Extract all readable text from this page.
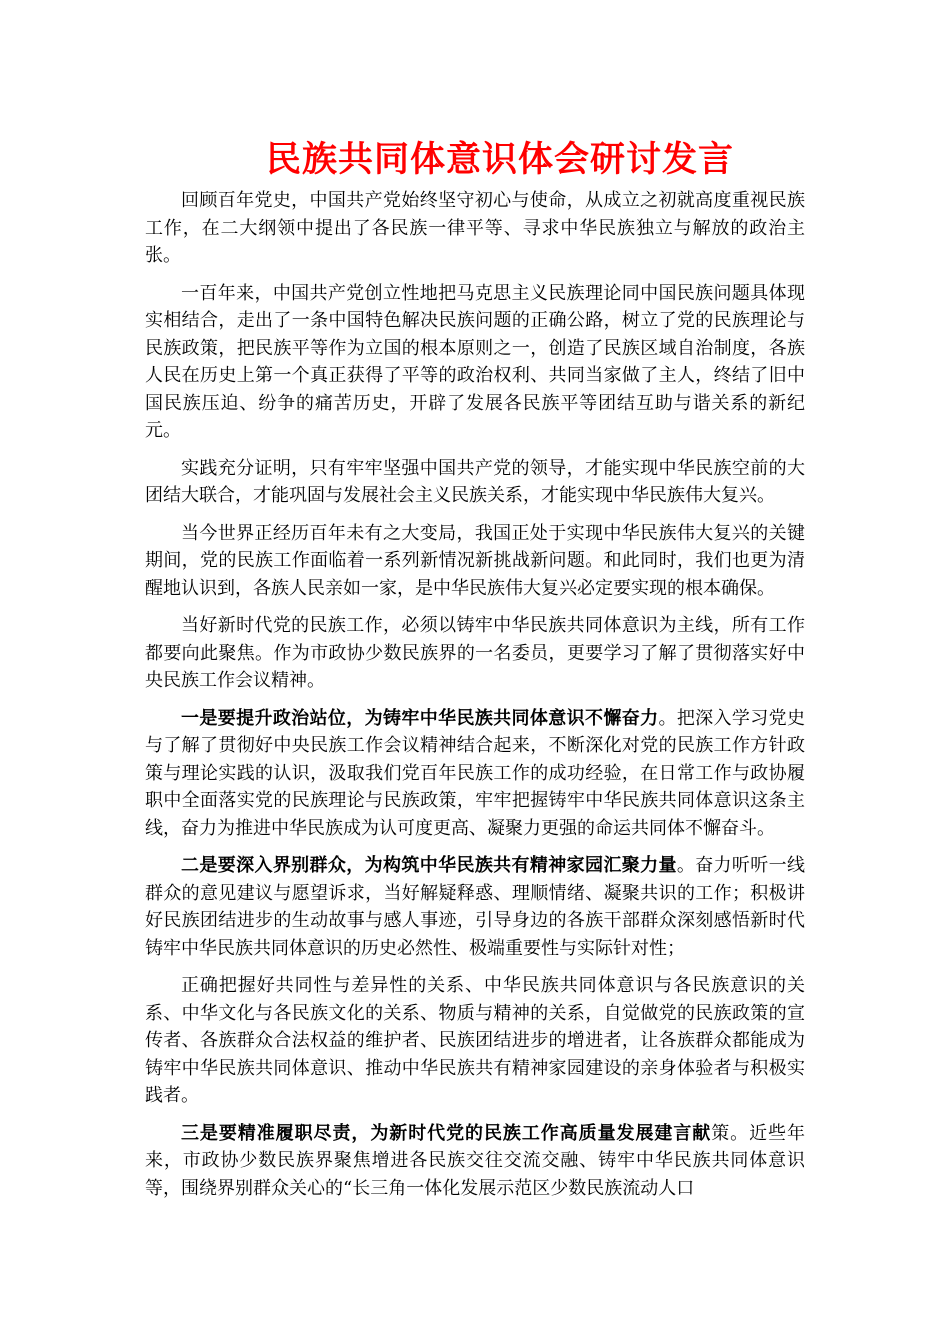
民族共同体意识体会研讨发言

回顾百年党史，中国共产党始终坚守初心与使命，从成立之初就高度重视民族工作，在二大纲领中提出了各民族一律平等、寻求中华民族独立与解放的政治主张。

一百年来，中国共产党创立性地把马克思主义民族理论同中国民族问题具体现实相结合，走出了一条中国特色解决民族问题的正确公路，树立了党的民族理论与民族政策，把民族平等作为立国的根本原则之一，创造了民族区域自治制度，各族人民在历史上第一个真正获得了平等的政治权利、共同当家做了主人，终结了旧中国民族压迫、纷争的痛苦历史，开辟了发展各民族平等团结互助与谐关系的新纪元。

实践充分证明，只有牢牢坚强中国共产党的领导，才能实现中华民族空前的大团结大联合，才能巩固与发展社会主义民族关系，才能实现中华民族伟大复兴。

当今世界正经历百年未有之大变局，我国正处于实现中华民族伟大复兴的关键期间，党的民族工作面临着一系列新情况新挑战新问题。和此同时，我们也更为清醒地认识到，各族人民亲如一家，是中华民族伟大复兴必定要实现的根本确保。

当好新时代党的民族工作，必须以铸牢中华民族共同体意识为主线，所有工作都要向此聚焦。作为市政协少数民族界的一名委员，更要学习了解了贯彻落实好中央民族工作会议精神。

一是要提升政治站位，为铸牢中华民族共同体意识不懈奋力。把深入学习党史与了解了贯彻好中央民族工作会议精神结合起来，不断深化对党的民族工作方针政策与理论实践的认识，汲取我们党百年民族工作的成功经验，在日常工作与政协履职中全面落实党的民族理论与民族政策，牢牢把握铸牢中华民族共同体意识这条主线，奋力为推进中华民族成为认可度更高、凝聚力更强的命运共同体不懈奋斗。

二是要深入界别群众，为构筑中华民族共有精神家园汇聚力量。奋力听听一线群众的意见建议与愿望诉求，当好解疑释惑、理顺情绪、凝聚共识的工作；积极讲好民族团结进步的生动故事与感人事迹，引导身边的各族干部群众深刻感悟新时代铸牢中华民族共同体意识的历史必然性、极端重要性与实际针对性；

正确把握好共同性与差异性的关系、中华民族共同体意识与各民族意识的关系、中华文化与各民族文化的关系、物质与精神的关系，自觉做党的民族政策的宣传者、各族群众合法权益的维护者、民族团结进步的增进者，让各族群众都能成为铸牢中华民族共同体意识、推动中华民族共有精神家园建设的亲身体验者与积极实践者。

三是要精准履职尽责，为新时代党的民族工作高质量发展建言献策。近些年来，市政协少数民族界聚焦增进各民族交往交流交融、铸牢中华民族共同体意识等，围绕界别群众关心的“长三角一体化发展示范区少数民族流动人口
